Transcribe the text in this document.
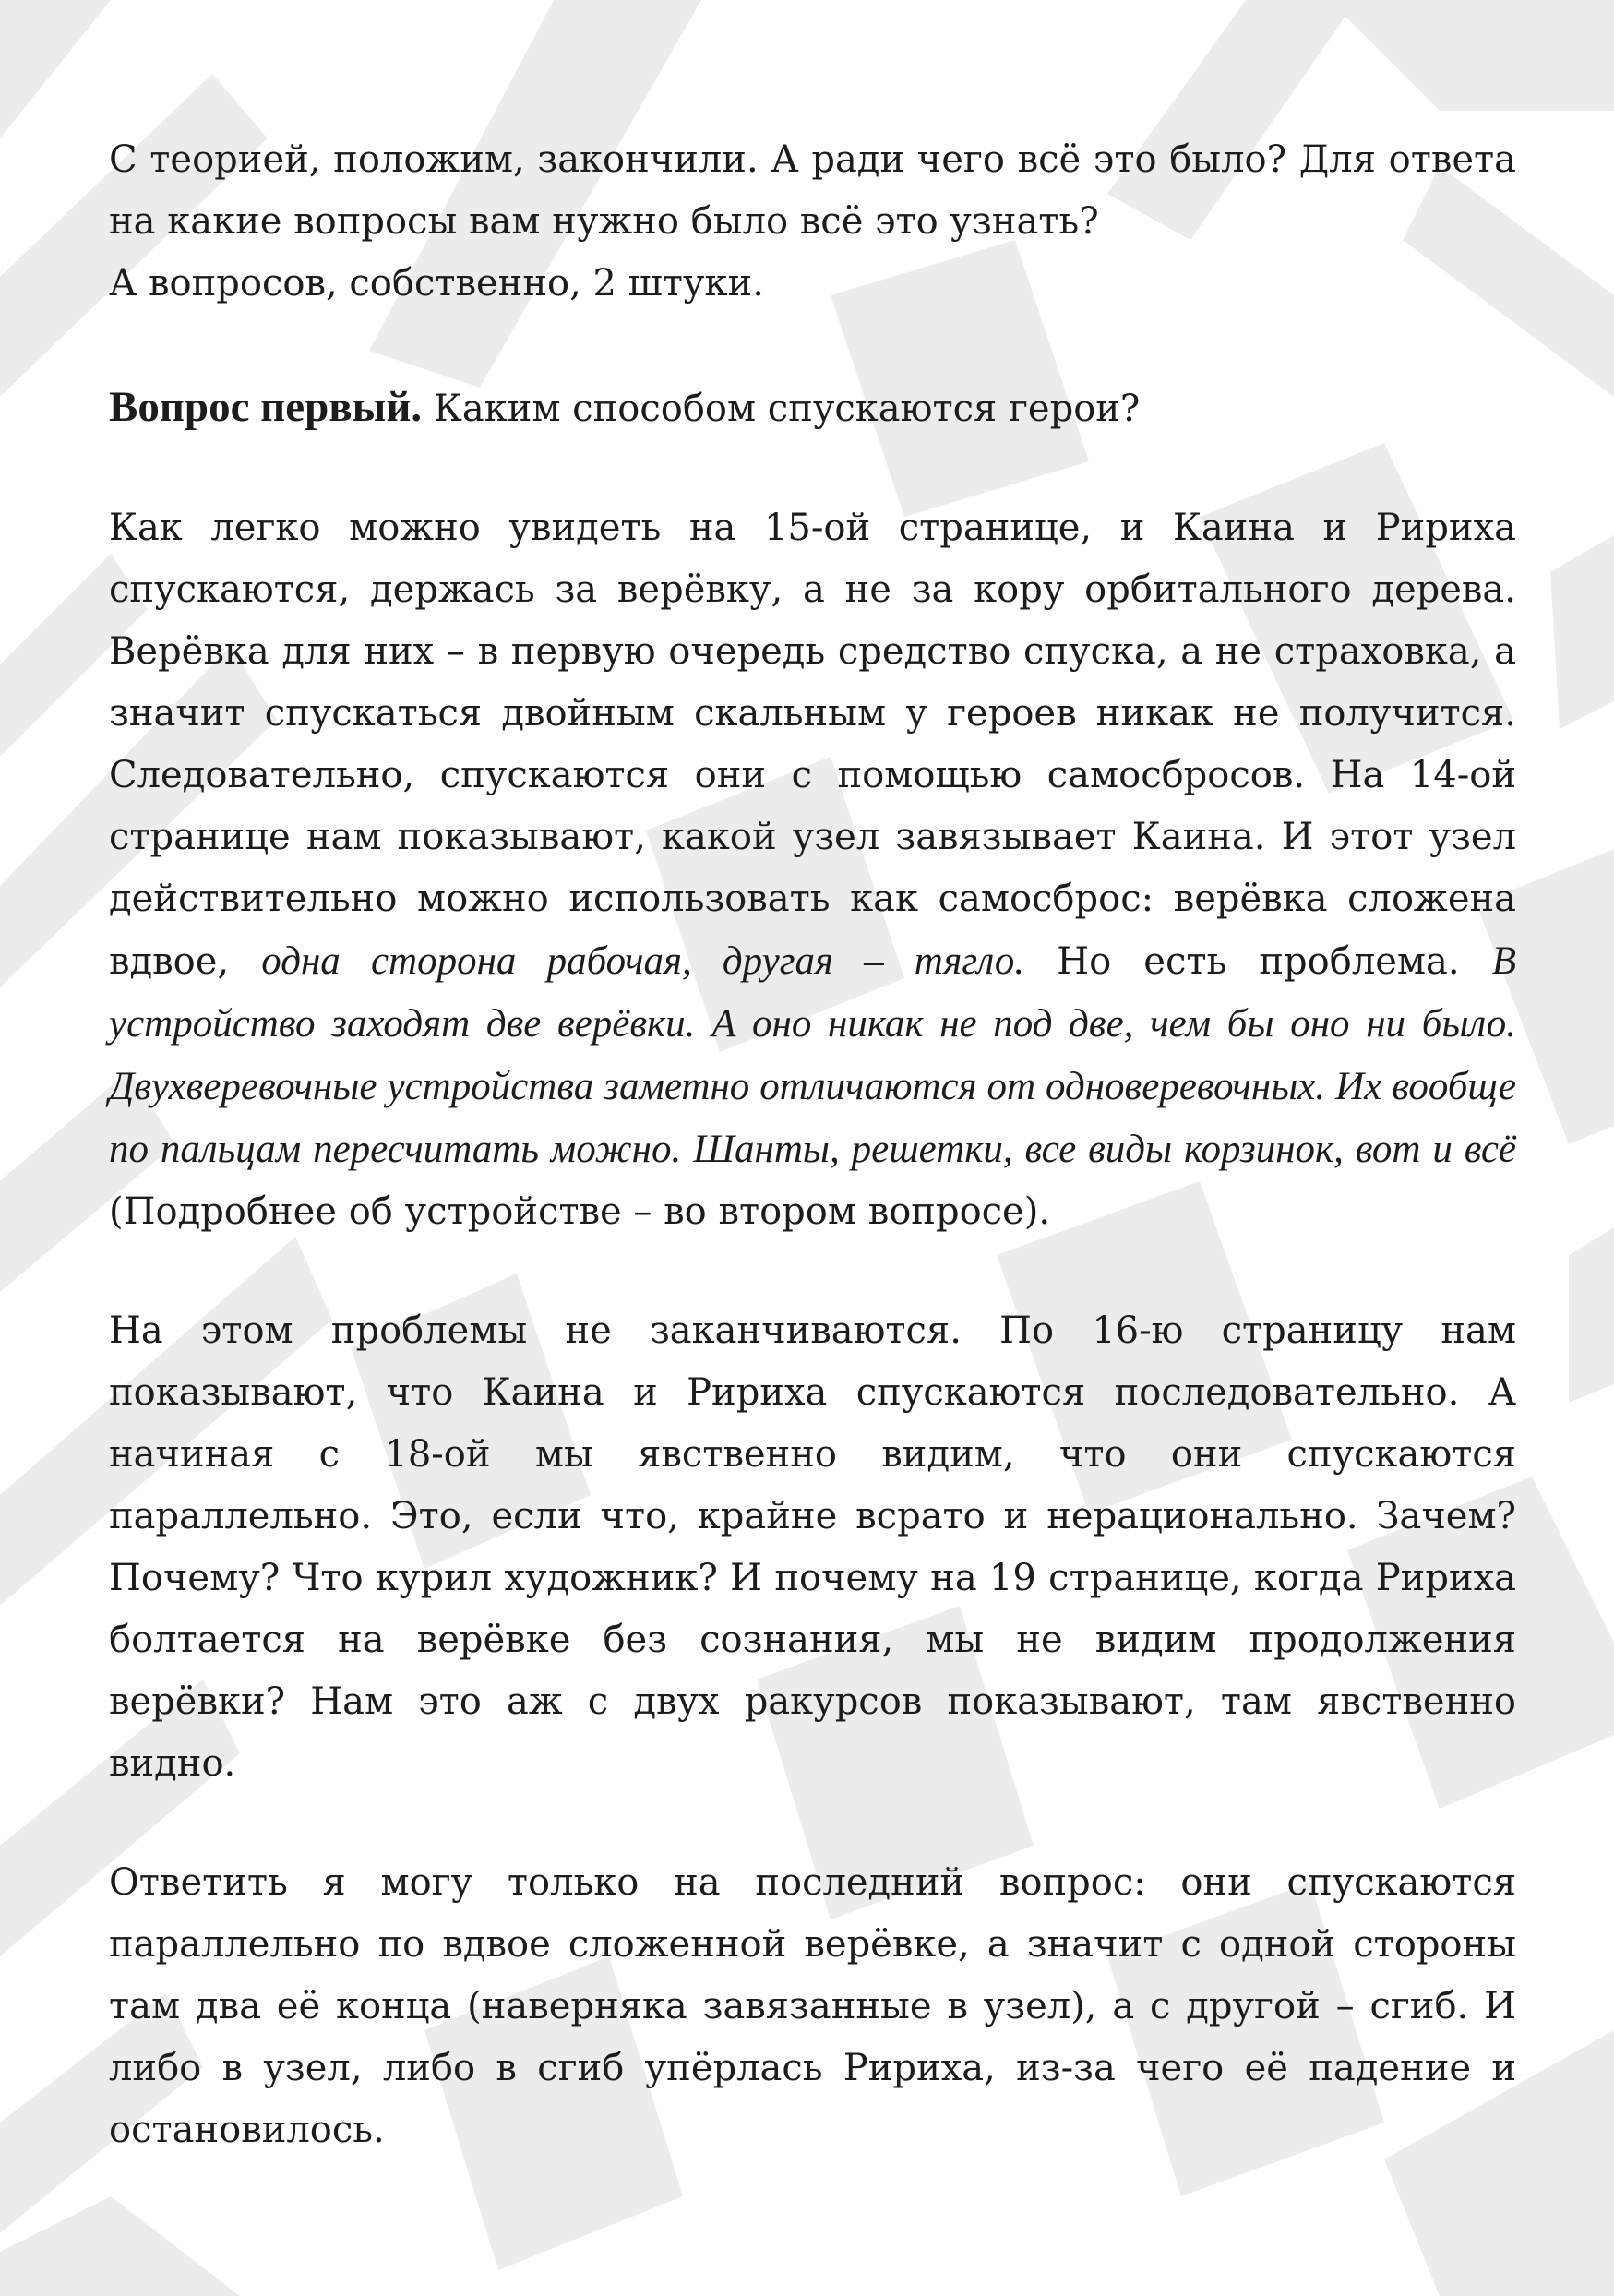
С теорией, положим, закончили. А ради чего всё это было? Для ответа на какие вопросы вам нужно было всё это узнать?
А вопросов, собственно, 2 штуки.

Вопрос первый. Каким способом спускаются герои?

Как легко можно увидеть на 15-ой странице, и Каина и Ририха спускаются, держась за верёвку, а не за кору орбитального дерева. Верёвка для них – в первую очередь средство спуска, а не страховка, а значит спускаться двойным скальным у героев никак не получится. Следовательно, спускаются они с помощью самосбросов. На 14-ой странице нам показывают, какой узел завязывает Каина. И этот узел действительно можно использовать как самосброс: верёвка сложена вдвое, одна сторона рабочая, другая – тягло. Но есть проблема. В устройство заходят две верёвки. А оно никак не под две, чем бы оно ни было. Двухверевочные устройства заметно отличаются от одноверевочных. Их вообще по пальцам пересчитать можно. Шанты, решетки, все виды корзинок, вот и всё (Подробнее об устройстве – во втором вопросе).

На этом проблемы не заканчиваются. По 16-ю страницу нам показывают, что Каина и Ририха спускаются последовательно. А начиная с 18-ой мы явственно видим, что они спускаются параллельно. Это, если что, крайне всрато и нерационально. Зачем? Почему? Что курил художник? И почему на 19 странице, когда Ририха болтается на верёвке без сознания, мы не видим продолжения верёвки? Нам это аж с двух ракурсов показывают, там явственно видно.

Ответить я могу только на последний вопрос: они спускаются параллельно по вдвое сложенной верёвке, а значит с одной стороны там два её конца (наверняка завязанные в узел), а с другой – сгиб. И либо в узел, либо в сгиб упёрлась Ририха, из-за чего её падение и остановилось.
